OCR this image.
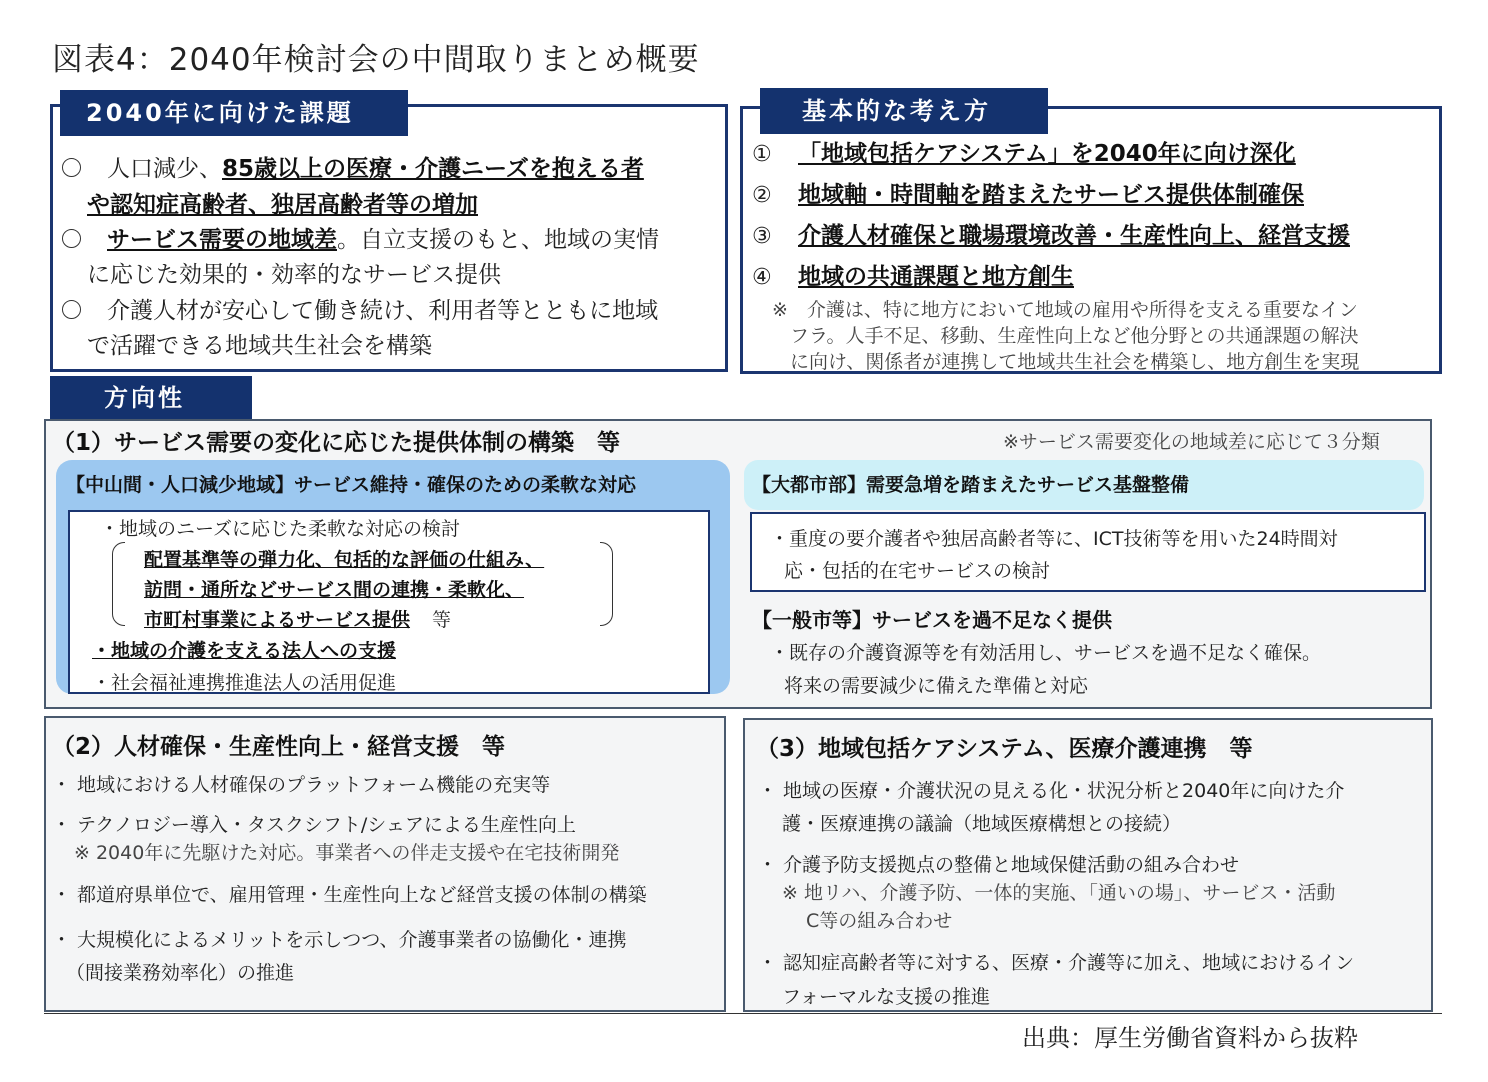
図表4：2040年検討会の中間取りまとめ概要
2040年に向けた課題
人口減少、85歳以上の医療・介護ニーズを抱える者
や認知症高齢者、独居高齢者等の増加
サービス需要の地域差。自立支援のもと、地域の実情
に応じた効果的・効率的なサービス提供
介護人材が安心して働き続け、利用者等とともに地域
で活躍できる地域共生社会を構築
基本的な考え方
① 「地域包括ケアシステム」を2040年に向け深化
② 地域軸・時間軸を踏まえたサービス提供体制確保
③ 介護人材確保と職場環境改善・生産性向上、経営支援
④ 地域の共通課題と地方創生
※　介護は、特に地方において地域の雇用や所得を支える重要なイン
フラ。人手不足、移動、生産性向上など他分野との共通課題の解決
に向け、関係者が連携して地域共生社会を構築し、地方創生を実現
方向性
（1）サービス需要の変化に応じた提供体制の構築　等	※サービス需要変化の地域差に応じて３分類
【中山間・人口減少地域】サービス維持・確保のための柔軟な対応
・地域のニーズに応じた柔軟な対応の検討
配置基準等の弾力化、包括的な評価の仕組み、
訪問・通所などサービス間の連携・柔軟化、
市町村事業によるサービス提供 等
・地域の介護を支える法人への支援
・社会福祉連携推進法人の活用促進
【大都市部】需要急増を踏まえたサービス基盤整備
・重度の要介護者や独居高齢者等に、ICT技術等を用いた24時間対
応・包括的在宅サービスの検討
【一般市等】サービスを過不足なく提供
・既存の介護資源等を有効活用し、サービスを過不足なく確保。
将来の需要減少に備えた準備と対応
（2）人材確保・生産性向上・経営支援　等
・ 地域における人材確保のプラットフォーム機能の充実等
・ テクノロジー導入・タスクシフト/シェアによる生産性向上
※ 2040年に先駆けた対応。事業者への伴走支援や在宅技術開発
・ 都道府県単位で、雇用管理・生産性向上など経営支援の体制の構築
・ 大規模化によるメリットを示しつつ、介護事業者の協働化・連携
（間接業務効率化）の推進
（3）地域包括ケアシステム、医療介護連携　等
・ 地域の医療・介護状況の見える化・状況分析と2040年に向けた介
護・医療連携の議論（地域医療構想との接続）
・ 介護予防支援拠点の整備と地域保健活動の組み合わせ
※ 地リハ、介護予防、一体的実施、「通いの場」、サービス・活動
C等の組み合わせ
・ 認知症高齢者等に対する、医療・介護等に加え、地域におけるイン
フォーマルな支援の推進
出典：厚生労働省資料から抜粋
